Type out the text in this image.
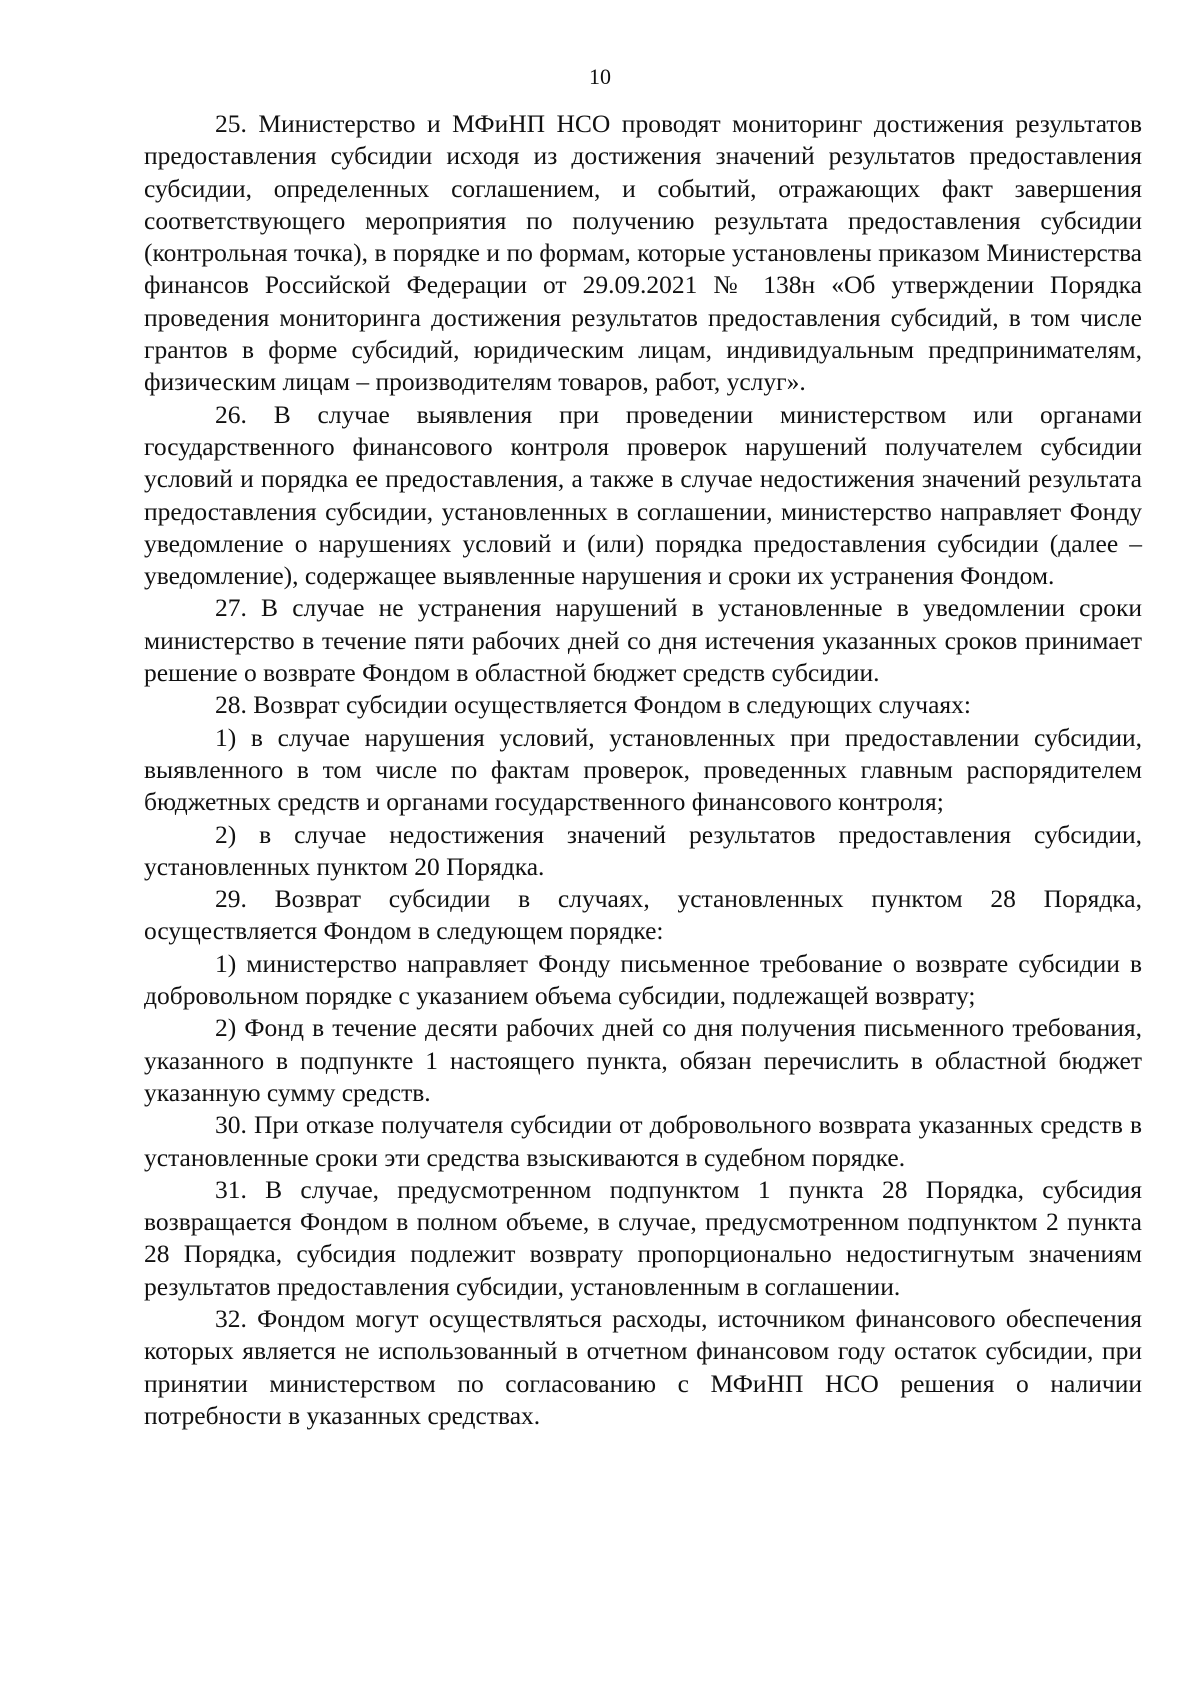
10

25. Министерство и МФиНП НСО проводят мониторинг достижения результатов предоставления субсидии исходя из достижения значений результатов предоставления субсидии, определенных соглашением, и событий, отражающих факт завершения соответствующего мероприятия по получению результата предоставления субсидии (контрольная точка), в порядке и по формам, которые установлены приказом Министерства финансов Российской Федерации от 29.09.2021 № 138н «Об утверждении Порядка проведения мониторинга достижения результатов предоставления субсидий, в том числе грантов в форме субсидий, юридическим лицам, индивидуальным предпринимателям, физическим лицам – производителям товаров, работ, услуг».

26. В случае выявления при проведении министерством или органами государственного финансового контроля проверок нарушений получателем субсидии условий и порядка ее предоставления, а также в случае недостижения значений результата предоставления субсидии, установленных в соглашении, министерство направляет Фонду уведомление о нарушениях условий и (или) порядка предоставления субсидии (далее – уведомление), содержащее выявленные нарушения и сроки их устранения Фондом.

27. В случае не устранения нарушений в установленные в уведомлении сроки министерство в течение пяти рабочих дней со дня истечения указанных сроков принимает решение о возврате Фондом в областной бюджет средств субсидии.

28. Возврат субсидии осуществляется Фондом в следующих случаях:

1) в случае нарушения условий, установленных при предоставлении субсидии, выявленного в том числе по фактам проверок, проведенных главным распорядителем бюджетных средств и органами государственного финансового контроля;

2) в случае недостижения значений результатов предоставления субсидии, установленных пунктом 20 Порядка.

29. Возврат субсидии в случаях, установленных пунктом 28 Порядка, осуществляется Фондом в следующем порядке:

1) министерство направляет Фонду письменное требование о возврате субсидии в добровольном порядке с указанием объема субсидии, подлежащей возврату;

2) Фонд в течение десяти рабочих дней со дня получения письменного требования, указанного в подпункте 1 настоящего пункта, обязан перечислить в областной бюджет указанную сумму средств.

30. При отказе получателя субсидии от добровольного возврата указанных средств в установленные сроки эти средства взыскиваются в судебном порядке.

31. В случае, предусмотренном подпунктом 1 пункта 28 Порядка, субсидия возвращается Фондом в полном объеме, в случае, предусмотренном подпунктом 2 пункта 28 Порядка, субсидия подлежит возврату пропорционально недостигнутым значениям результатов предоставления субсидии, установленным в соглашении.

32. Фондом могут осуществляться расходы, источником финансового обеспечения которых является не использованный в отчетном финансовом году остаток субсидии, при принятии министерством по согласованию с МФиНП НСО решения о наличии потребности в указанных средствах.
